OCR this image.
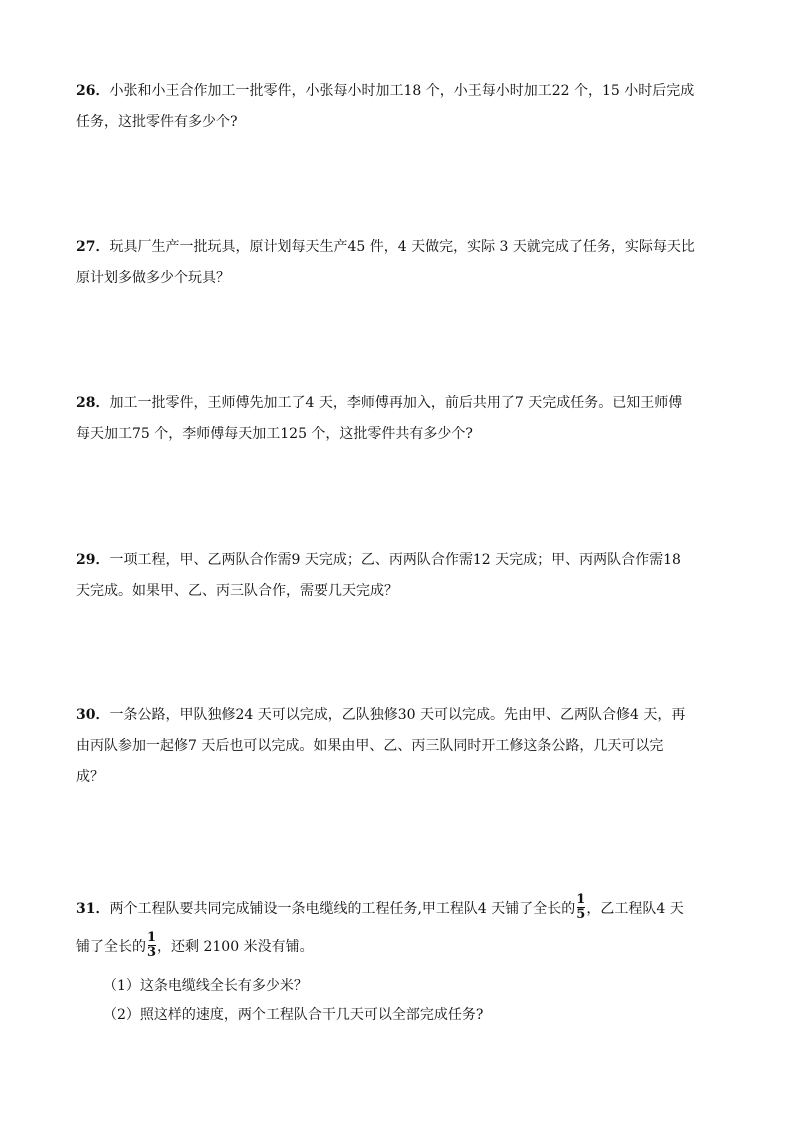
26．小张和小王合作加工一批零件，小张每小时加工18 个，小王每小时加工22 个，15 小时后完成
任务，这批零件有多少个?
27．玩具厂生产一批玩具，原计划每天生产45 件，4 天做完，实际 3 天就完成了任务，实际每天比
原计划多做多少个玩具？
28．加工一批零件，王师傅先加工了4 天，李师傅再加入，前后共用了7 天完成任务。已知王师傅
每天加工75 个，李师傅每天加工125 个，这批零件共有多少个?
29．一项工程，甲、乙两队合作需9 天完成；乙、丙两队合作需12 天完成；甲、丙两队合作需18
天完成。如果甲、乙、丙三队合作，需要几天完成？
30．一条公路，甲队独修24 天可以完成，乙队独修30 天可以完成。先由甲、乙两队合修4 天，再
由丙队参加一起修7 天后也可以完成。如果由甲、乙、丙三队同时开工修这条公路，几天可以完
成？
31．两个工程队要共同完成铺设一条电缆线的工程任务,甲工程队4 天铺了全长的 $\frac{1}{5}$ ，乙工程队4 天
铺了全长的 $\frac{1}{3}$ ，还剩 2100 米没有铺。
（1）这条电缆线全长有多少米？
（2）照这样的速度，两个工程队合干几天可以全部完成任务?
